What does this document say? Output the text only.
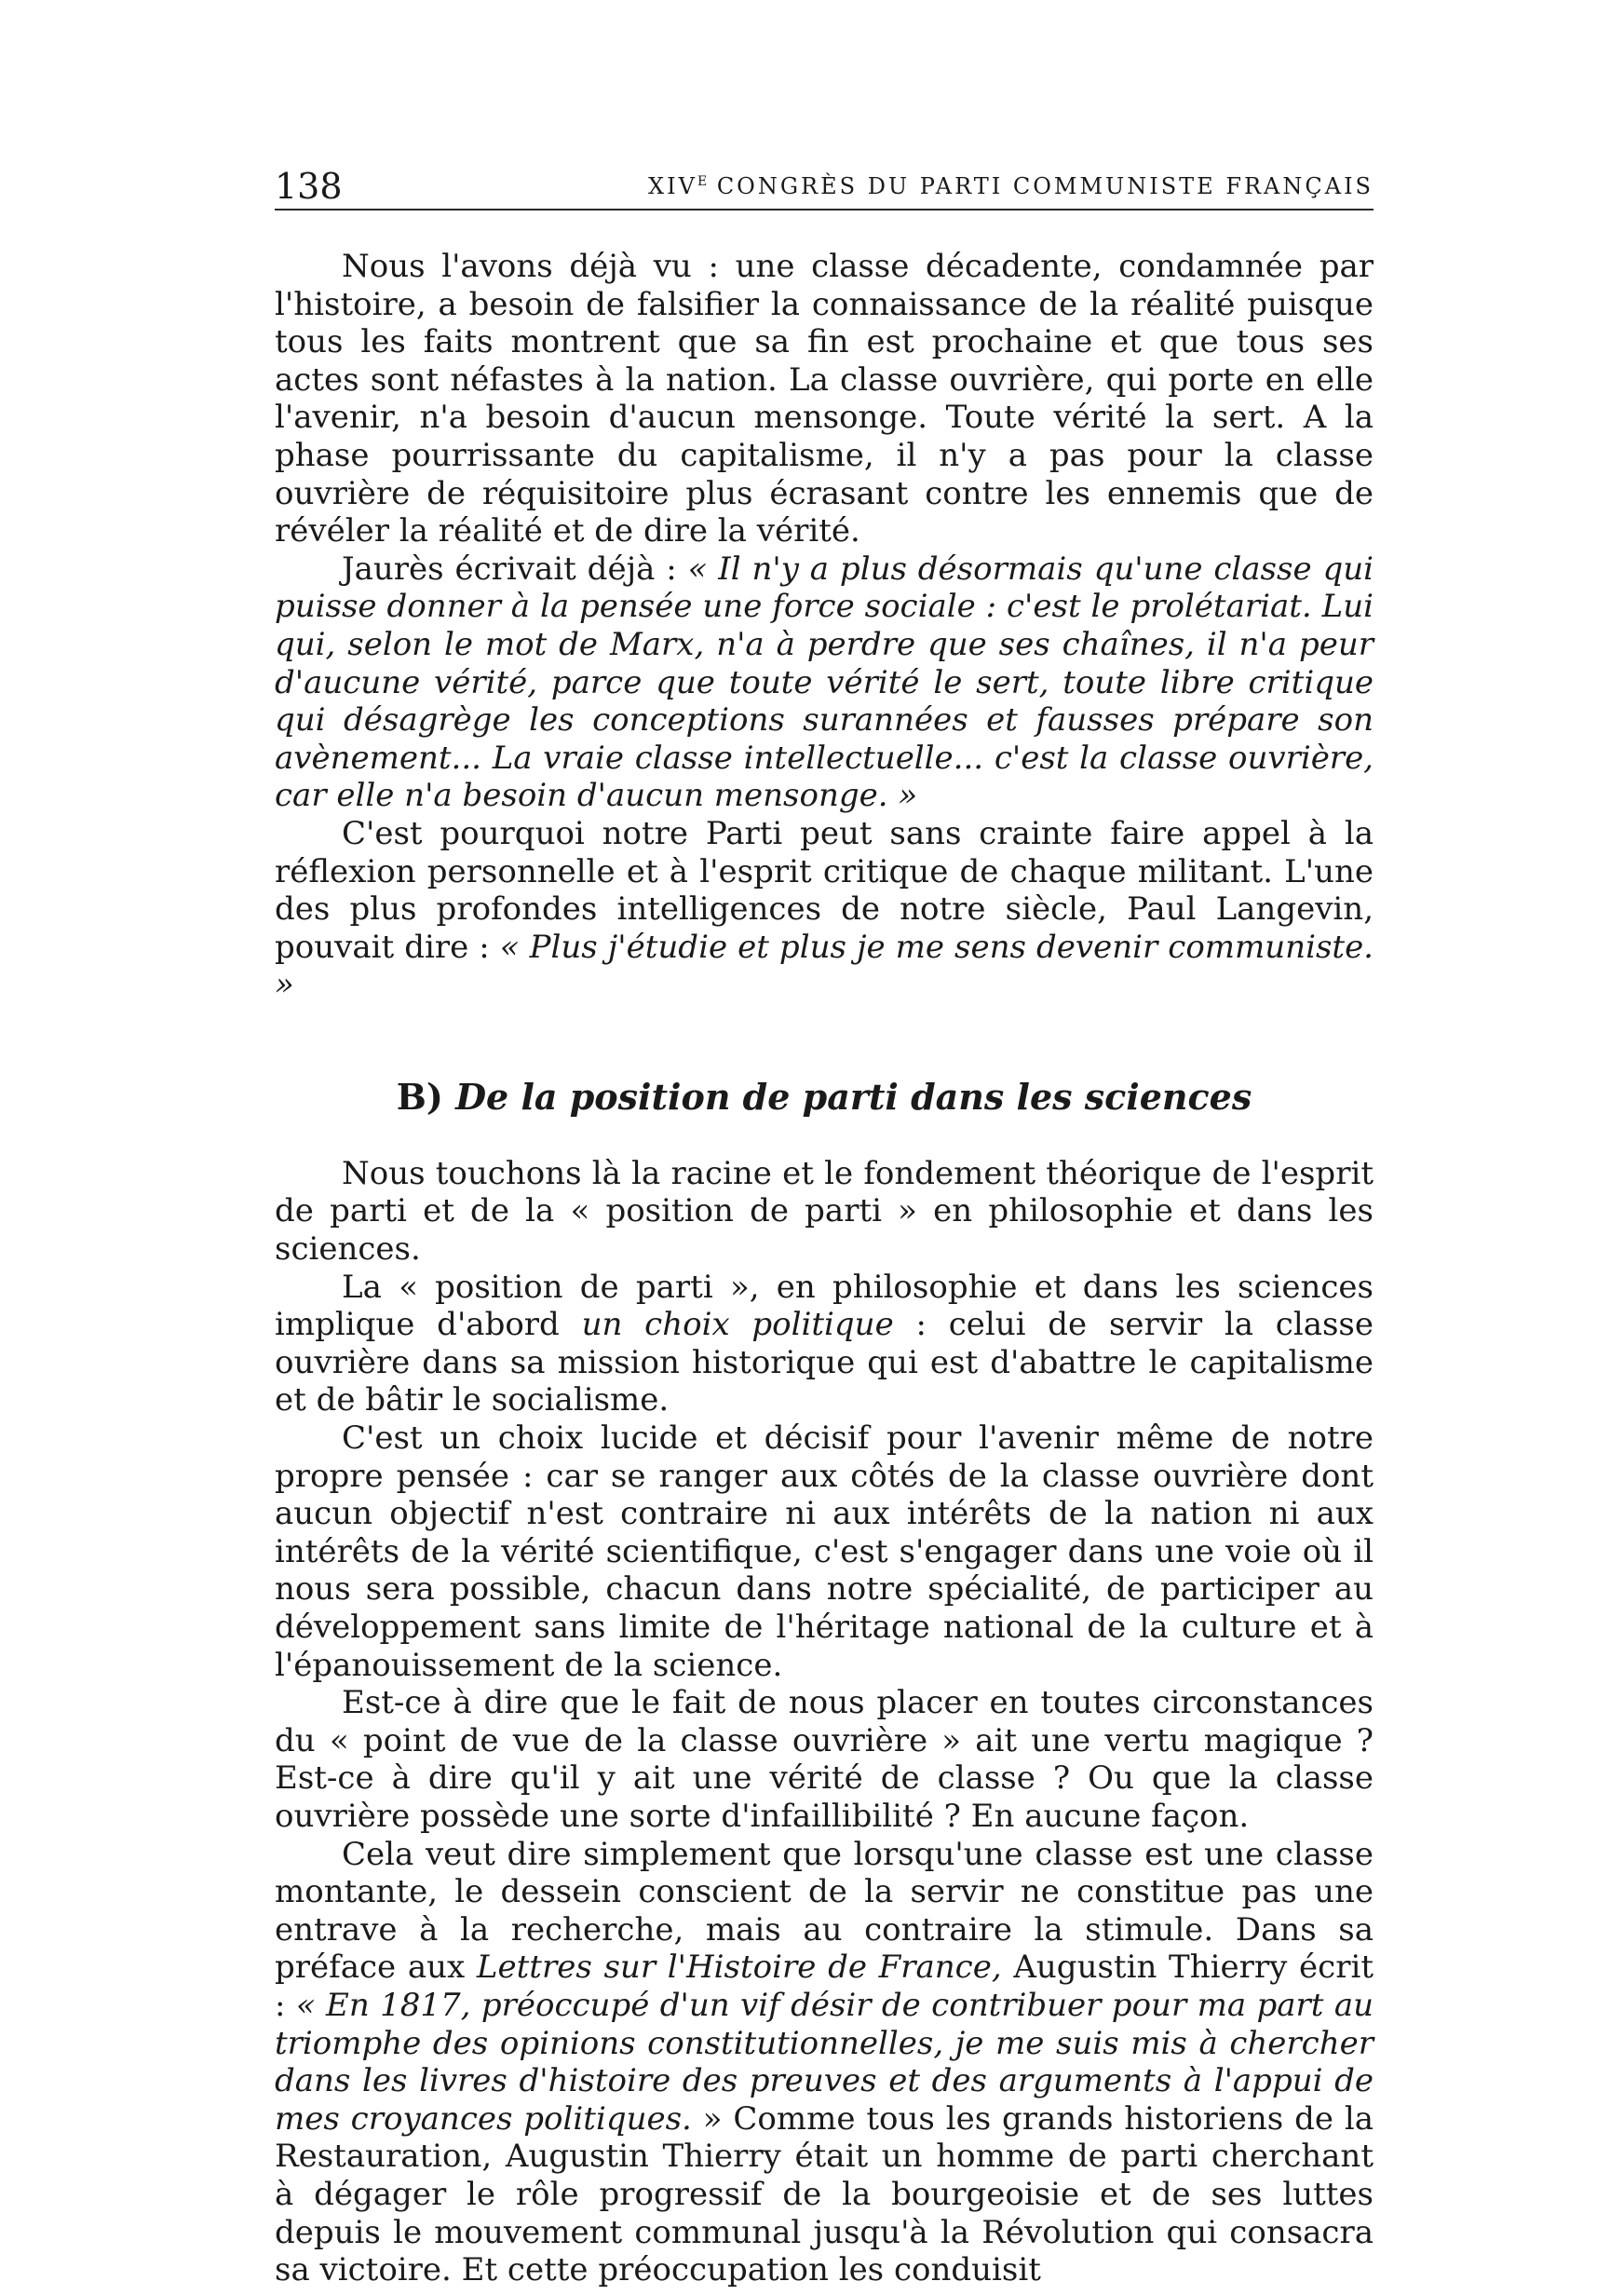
138	$XIV^E$ CONGRÈS DU PARTI COMMUNISTE FRANÇAIS

Nous l'avons déjà vu : une classe décadente, condamnée par l'histoire, a besoin de falsifier la connaissance de la réalité puisque tous les faits montrent que sa fin est prochaine et que tous ses actes sont néfastes à la nation. La classe ouvrière, qui porte en elle l'avenir, n'a besoin d'aucun mensonge. Toute vérité la sert. A la phase pourrissante du capitalisme, il n'y a pas pour la classe ouvrière de réquisitoire plus écrasant contre les ennemis que de révéler la réalité et de dire la vérité.

Jaurès écrivait déjà : « Il n'y a plus désormais qu'une classe qui puisse donner à la pensée une force sociale : c'est le prolétariat. Lui qui, selon le mot de Marx, n'a à perdre que ses chaînes, il n'a peur d'aucune vérité, parce que toute vérité le sert, toute libre critique qui désagrège les conceptions surannées et fausses prépare son avènement... La vraie classe intellectuelle... c'est la classe ouvrière, car elle n'a besoin d'aucun mensonge. »

C'est pourquoi notre Parti peut sans crainte faire appel à la réflexion personnelle et à l'esprit critique de chaque militant. L'une des plus profondes intelligences de notre siècle, Paul Langevin, pouvait dire : « Plus j'étudie et plus je me sens devenir communiste. »

B) De la position de parti dans les sciences

Nous touchons là la racine et le fondement théorique de l'esprit de parti et de la « position de parti » en philosophie et dans les sciences.

La « position de parti », en philosophie et dans les sciences implique d'abord un choix politique : celui de servir la classe ouvrière dans sa mission historique qui est d'abattre le capitalisme et de bâtir le socialisme.

C'est un choix lucide et décisif pour l'avenir même de notre propre pensée : car se ranger aux côtés de la classe ouvrière dont aucun objectif n'est contraire ni aux intérêts de la nation ni aux intérêts de la vérité scientifique, c'est s'engager dans une voie où il nous sera possible, chacun dans notre spécialité, de participer au développement sans limite de l'héritage national de la culture et à l'épanouissement de la science.

Est-ce à dire que le fait de nous placer en toutes circonstances du « point de vue de la classe ouvrière » ait une vertu magique ? Est-ce à dire qu'il y ait une vérité de classe ? Ou que la classe ouvrière possède une sorte d'infaillibilité ? En aucune façon.

Cela veut dire simplement que lorsqu'une classe est une classe montante, le dessein conscient de la servir ne constitue pas une entrave à la recherche, mais au contraire la stimule. Dans sa préface aux Lettres sur l'Histoire de France, Augustin Thierry écrit : « En 1817, préoccupé d'un vif désir de contribuer pour ma part au triomphe des opinions constitutionnelles, je me suis mis à chercher dans les livres d'histoire des preuves et des arguments à l'appui de mes croyances politiques. » Comme tous les grands historiens de la Restauration, Augustin Thierry était un homme de parti cherchant à dégager le rôle progressif de la bourgeoisie et de ses luttes depuis le mouvement communal jusqu'à la Révolution qui consacra sa victoire. Et cette préoccupation les conduisit
